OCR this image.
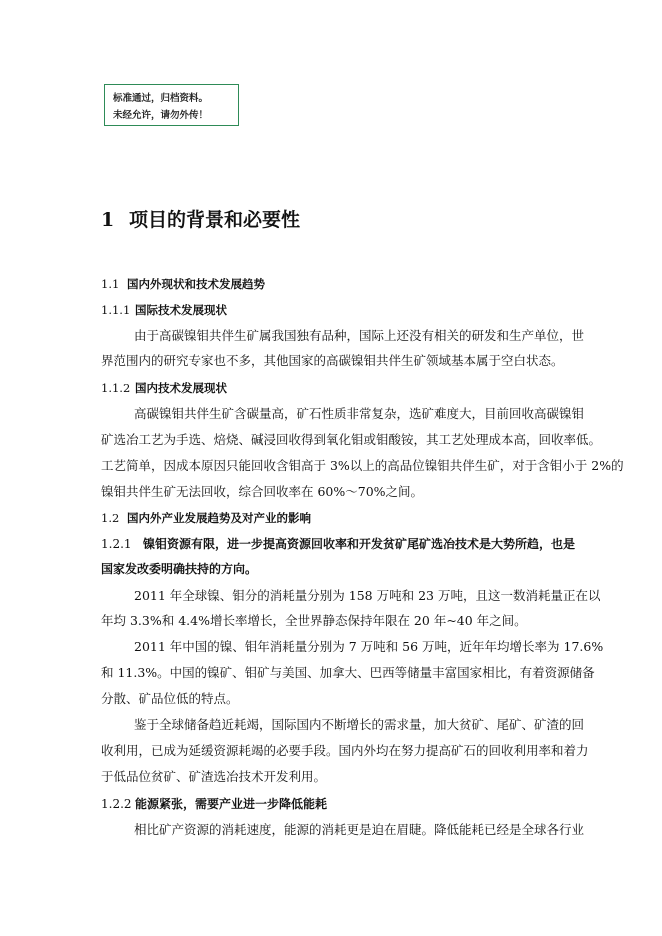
标准通过，归档资料。
未经允许，请勿外传！
1 项目的背景和必要性
1.1 国内外现状和技术发展趋势
1.1.1 国际技术发展现状
由于高碳镍钼共伴生矿属我国独有品种，国际上还没有相关的研发和生产单位，世
界范围内的研究专家也不多，其他国家的高碳镍钼共伴生矿领域基本属于空白状态。
1.1.2 国内技术发展现状
高碳镍钼共伴生矿含碳量高，矿石性质非常复杂，选矿难度大，目前回收高碳镍钼
矿选冶工艺为手选、焙烧、碱浸回收得到氧化钼或钼酸铵，其工艺处理成本高，回收率低。
工艺简单，因成本原因只能回收含钼高于 3%以上的高品位镍钼共伴生矿，对于含钼小于 2%的
镍钼共伴生矿无法回收，综合回收率在 60%～70%之间。
1.2 国内外产业发展趋势及对产业的影响
1.2.1 镍钼资源有限，进一步提高资源回收率和开发贫矿尾矿选冶技术是大势所趋，也是
国家发改委明确扶持的方向。
2011 年全球镍、钼分的消耗量分别为 158 万吨和 23 万吨，且这一数消耗量正在以
年均 3.3%和 4.4%增长率增长，全世界静态保持年限在 20 年~40 年之间。
2011 年中国的镍、钼年消耗量分别为 7 万吨和 56 万吨，近年年均增长率为 17.6%
和 11.3%。中国的镍矿、钼矿与美国、加拿大、巴西等储量丰富国家相比，有着资源储备
分散、矿品位低的特点。
鉴于全球储备趋近耗竭，国际国内不断增长的需求量，加大贫矿、尾矿、矿渣的回
收利用，已成为延缓资源耗竭的必要手段。国内外均在努力提高矿石的回收利用率和着力
于低品位贫矿、矿渣选冶技术开发利用。
1.2.2 能源紧张，需要产业进一步降低能耗
相比矿产资源的消耗速度，能源的消耗更是迫在眉睫。降低能耗已经是全球各行业
